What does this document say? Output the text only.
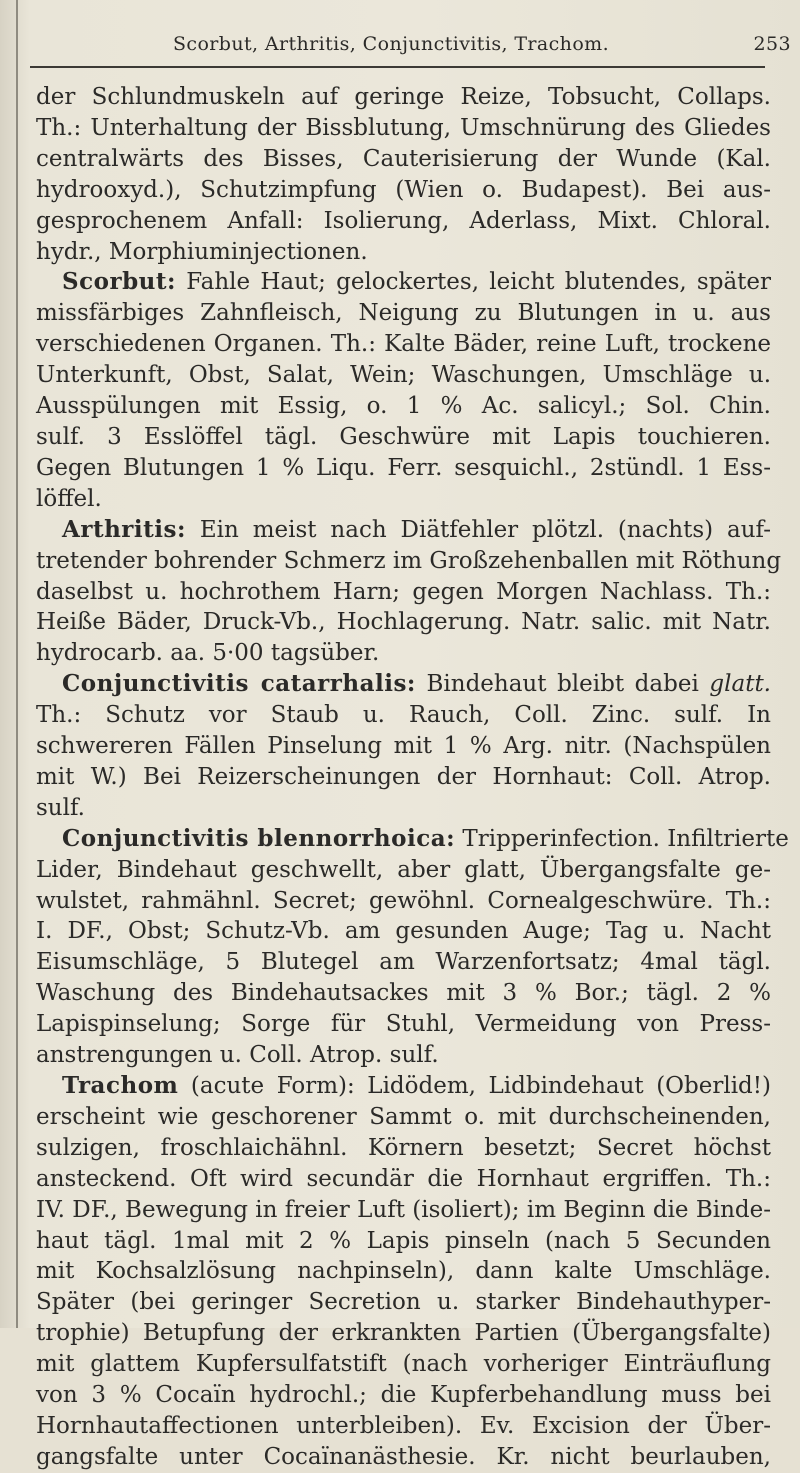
Scorbut, Arthritis, Conjunctivitis, Trachom.	253
der Schlundmuskeln auf geringe Reize, Tobsucht, Collaps.
Th.: Unterhaltung der Bissblutung, Umschnürung des Gliedes
centralwärts des Bisses, Cauterisierung der Wunde (Kal.
hydrooxyd.), Schutzimpfung (Wien o. Budapest). Bei aus-
gesprochenem Anfall: Isolierung, Aderlass, Mixt. Chloral.
hydr., Morphiuminjectionen.
Scorbut: Fahle Haut; gelockertes, leicht blutendes, später
missfärbiges Zahnfleisch, Neigung zu Blutungen in u. aus
verschiedenen Organen. Th.: Kalte Bäder, reine Luft, trockene
Unterkunft, Obst, Salat, Wein; Waschungen, Umschläge u.
Ausspülungen mit Essig, o. 1 % Ac. salicyl.; Sol. Chin.
sulf. 3 Esslöffel tägl. Geschwüre mit Lapis touchieren.
Gegen Blutungen 1 % Liqu. Ferr. sesquichl., 2stündl. 1 Ess-
löffel.
Arthritis: Ein meist nach Diätfehler plötzl. (nachts) auf-
tretender bohrender Schmerz im Großzehenballen mit Röthung
daselbst u. hochrothem Harn; gegen Morgen Nachlass. Th.:
Heiße Bäder, Druck-Vb., Hochlagerung. Natr. salic. mit Natr.
hydrocarb. aa. 5·00 tagsüber.
Conjunctivitis catarrhalis: Bindehaut bleibt dabei glatt.
Th.: Schutz vor Staub u. Rauch, Coll. Zinc. sulf. In
schwereren Fällen Pinselung mit 1 % Arg. nitr. (Nachspülen
mit W.) Bei Reizerscheinungen der Hornhaut: Coll. Atrop.
sulf.
Conjunctivitis blennorrhoica: Tripperinfection. Infiltrierte
Lider, Bindehaut geschwellt, aber glatt, Übergangsfalte ge-
wulstet, rahmähnl. Secret; gewöhnl. Cornealgeschwüre. Th.:
I. DF., Obst; Schutz-Vb. am gesunden Auge; Tag u. Nacht
Eisumschläge, 5 Blutegel am Warzenfortsatz; 4mal tägl.
Waschung des Bindehautsackes mit 3 % Bor.; tägl. 2 %
Lapispinselung; Sorge für Stuhl, Vermeidung von Press-
anstrengungen u. Coll. Atrop. sulf.
Trachom (acute Form): Lidödem, Lidbindehaut (Oberlid!)
erscheint wie geschorener Sammt o. mit durchscheinenden,
sulzigen, froschlaichähnl. Körnern besetzt; Secret höchst
ansteckend. Oft wird secundär die Hornhaut ergriffen. Th.:
IV. DF., Bewegung in freier Luft (isoliert); im Beginn die Binde-
haut tägl. 1mal mit 2 % Lapis pinseln (nach 5 Secunden
mit Kochsalzlösung nachpinseln), dann kalte Umschläge.
Später (bei geringer Secretion u. starker Bindehauthyper-
trophie) Betupfung der erkrankten Partien (Übergangsfalte)
mit glattem Kupfersulfatstift (nach vorheriger Einträuflung
von 3 % Cocaïn hydrochl.; die Kupferbehandlung muss bei
Hornhautaffectionen unterbleiben). Ev. Excision der Über-
gangsfalte unter Cocaïnanästhesie. Kr. nicht beurlauben,
